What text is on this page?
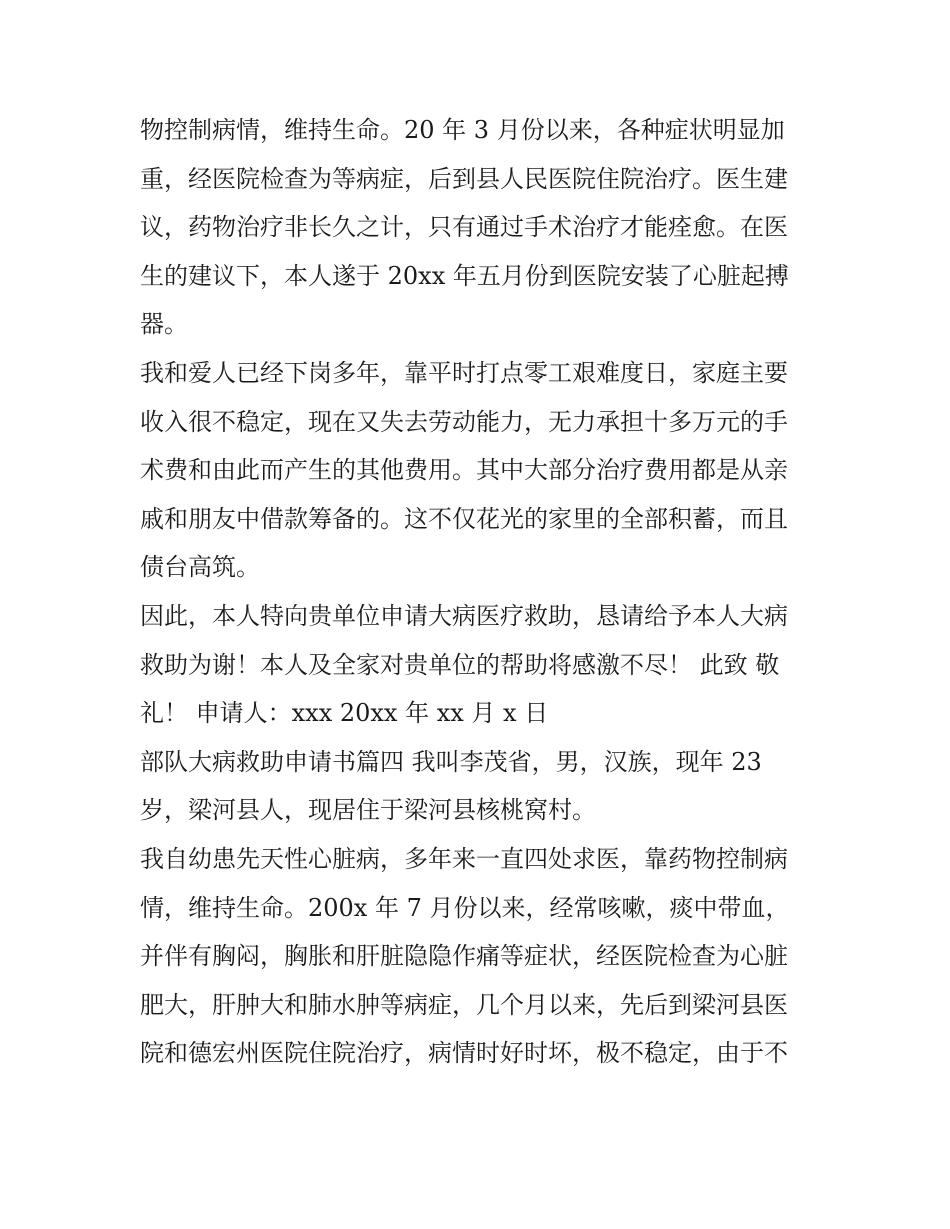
物控制病情，维持生命。20 年 3 月份以来，各种症状明显加
重，经医院检查为等病症，后到县人民医院住院治疗。医生建
议，药物治疗非长久之计，只有通过手术治疗才能痊愈。在医
生的建议下，本人遂于 20xx 年五月份到医院安装了心脏起搏
器。
我和爱人已经下岗多年，靠平时打点零工艰难度日，家庭主要
收入很不稳定，现在又失去劳动能力，无力承担十多万元的手
术费和由此而产生的其他费用。其中大部分治疗费用都是从亲
戚和朋友中借款筹备的。这不仅花光的家里的全部积蓄，而且
债台高筑。
因此，本人特向贵单位申请大病医疗救助，恳请给予本人大病
救助为谢！本人及全家对贵单位的帮助将感激不尽！ 此致 敬
礼！ 申请人：xxx 20xx 年 xx 月 x 日
部队大病救助申请书篇四 我叫李茂省，男，汉族，现年 23
岁，梁河县人，现居住于梁河县核桃窝村。
我自幼患先天性心脏病，多年来一直四处求医，靠药物控制病
情，维持生命。200x 年 7 月份以来，经常咳嗽，痰中带血，
并伴有胸闷，胸胀和肝脏隐隐作痛等症状，经医院检查为心脏
肥大，肝肿大和肺水肿等病症，几个月以来，先后到梁河县医
院和德宏州医院住院治疗，病情时好时坏，极不稳定，由于不
